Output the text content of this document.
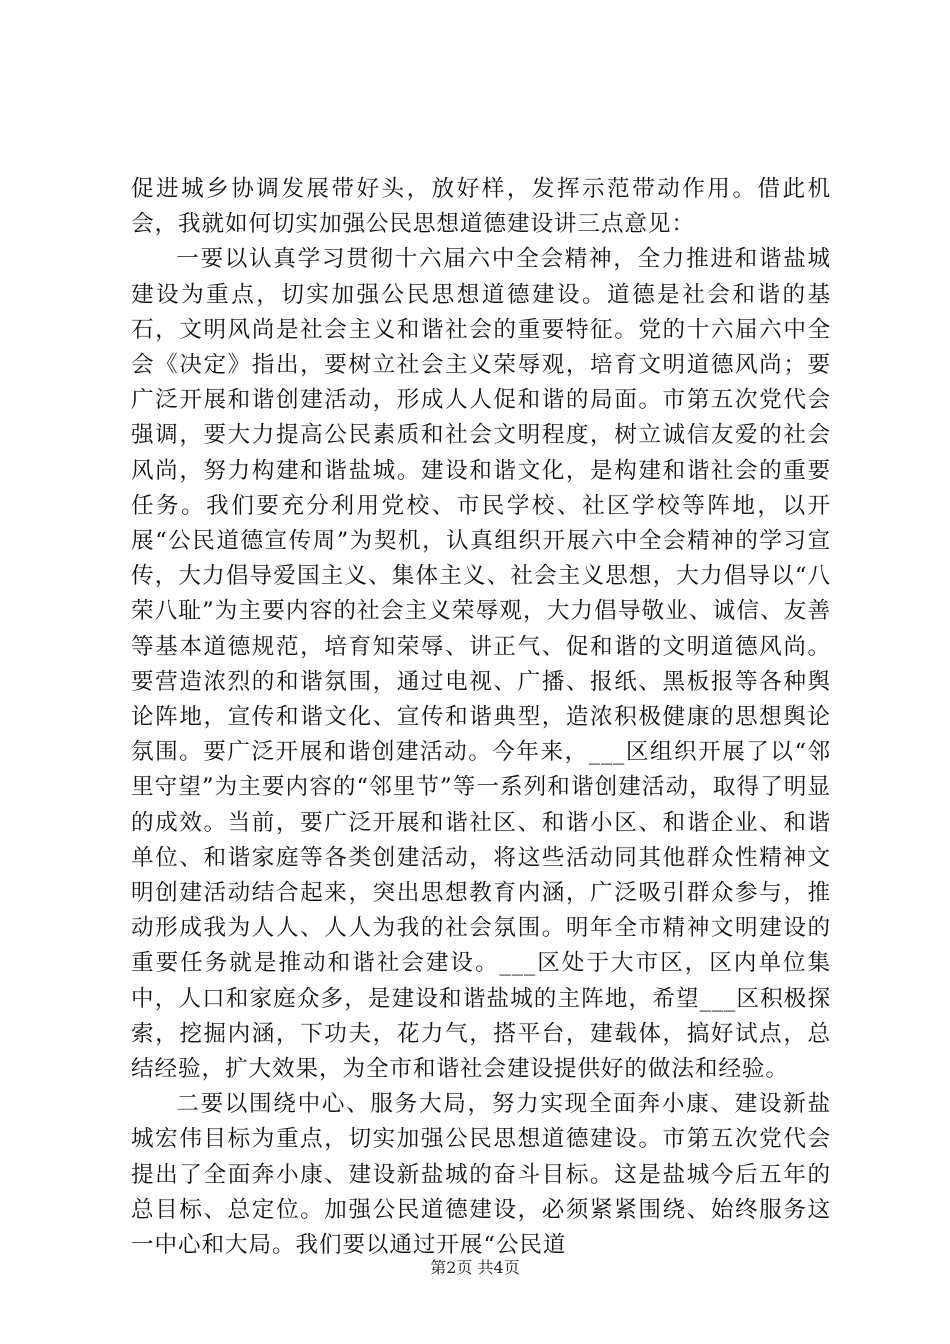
促进城乡协调发展带好头，放好样，发挥示范带动作用。借此机会，我就如何切实加强公民思想道德建设讲三点意见：

一要以认真学习贯彻十六届六中全会精神，全力推进和谐盐城建设为重点，切实加强公民思想道德建设。道德是社会和谐的基石，文明风尚是社会主义和谐社会的重要特征。党的十六届六中全会《决定》指出，要树立社会主义荣辱观，培育文明道德风尚；要广泛开展和谐创建活动，形成人人促和谐的局面。市第五次党代会强调，要大力提高公民素质和社会文明程度，树立诚信友爱的社会风尚，努力构建和谐盐城。建设和谐文化，是构建和谐社会的重要任务。我们要充分利用党校、市民学校、社区学校等阵地，以开展“公民道德宣传周”为契机，认真组织开展六中全会精神的学习宣传，大力倡导爱国主义、集体主义、社会主义思想，大力倡导以“八荣八耻”为主要内容的社会主义荣辱观，大力倡导敬业、诚信、友善等基本道德规范，培育知荣辱、讲正气、促和谐的文明道德风尚。要营造浓烈的和谐氛围，通过电视、广播、报纸、黑板报等各种舆论阵地，宣传和谐文化、宣传和谐典型，造浓积极健康的思想舆论氛围。要广泛开展和谐创建活动。今年来，___区组织开展了以“邻里守望”为主要内容的“邻里节”等一系列和谐创建活动，取得了明显的成效。当前，要广泛开展和谐社区、和谐小区、和谐企业、和谐单位、和谐家庭等各类创建活动，将这些活动同其他群众性精神文明创建活动结合起来，突出思想教育内涵，广泛吸引群众参与，推动形成我为人人、人人为我的社会氛围。明年全市精神文明建设的重要任务就是推动和谐社会建设。___区处于大市区，区内单位集中，人口和家庭众多，是建设和谐盐城的主阵地，希望___区积极探索，挖掘内涵，下功夫，花力气，搭平台，建载体，搞好试点，总结经验，扩大效果，为全市和谐社会建设提供好的做法和经验。

二要以围绕中心、服务大局，努力实现全面奔小康、建设新盐城宏伟目标为重点，切实加强公民思想道德建设。市第五次党代会提出了全面奔小康、建设新盐城的奋斗目标。这是盐城今后五年的总目标、总定位。加强公民道德建设，必须紧紧围绕、始终服务这一中心和大局。我们要以通过开展“公民道

第2页 共4页
